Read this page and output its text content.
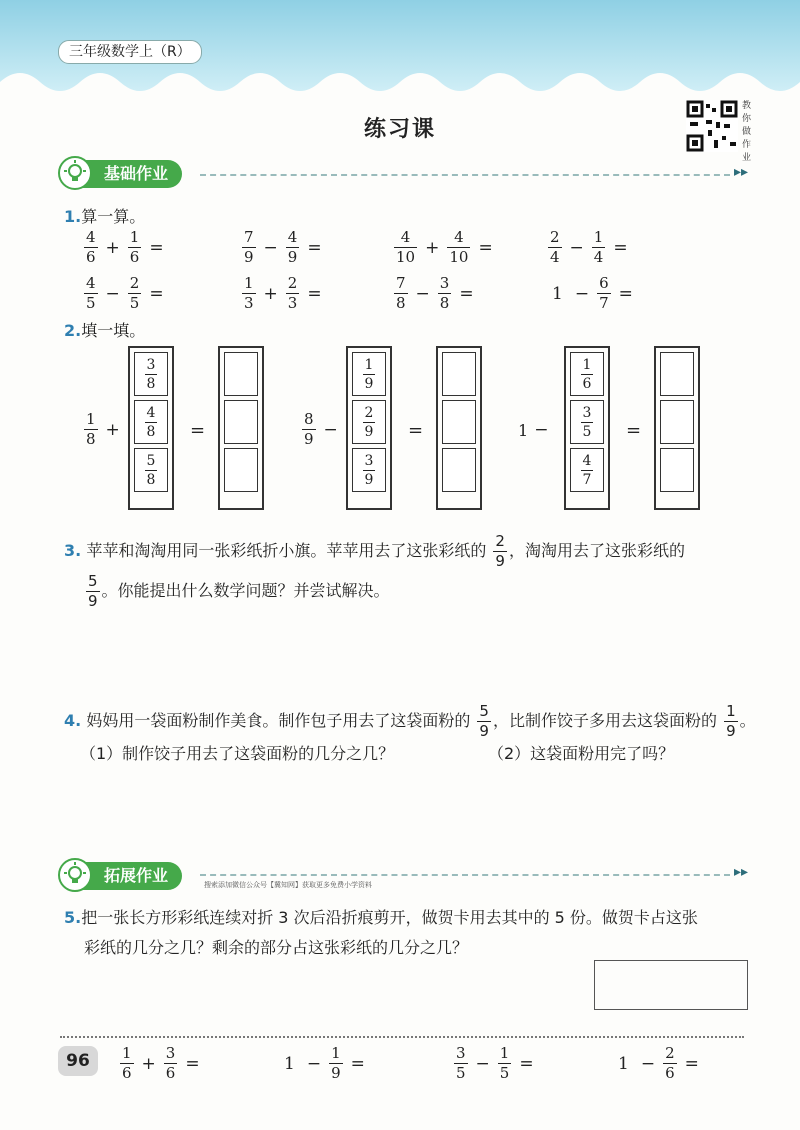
三年级数学上（R）
练习课
教你做作业
基础作业	▸▸
1.算一算。
$\frac{4}{6} + \frac{1}{6}$ =	$\frac{7}{9} - \frac{4}{9}$ =	$\frac{4}{10} + \frac{4}{10}$ =	$\frac{2}{4} - \frac{1}{4}$ =
$\frac{4}{5} - \frac{2}{5}$ =	$\frac{1}{3} + \frac{2}{3}$ =	$\frac{7}{8} - \frac{3}{8}$ =	$1 - \frac{6}{7}$ =
2.填一填。
$\frac{1}{8}$ +
$\frac{3}{8}$
$\frac{4}{8}$
$\frac{5}{8}$
=	$\frac{8}{9}$ −
$\frac{1}{9}$
$\frac{2}{9}$
$\frac{3}{9}$
=	1 −
$\frac{1}{6}$
$\frac{3}{5}$
$\frac{4}{7}$
=
3. 苹苹和淘淘用同一张彩纸折小旗。苹苹用去了这张彩纸的 $\frac{2}{9}$ ，淘淘用去了这张彩纸的
$\frac{5}{9}$ 。你能提出什么数学问题？并尝试解决。
4. 妈妈用一袋面粉制作美食。制作包子用去了这袋面粉的 $\frac{5}{9}$ ，比制作饺子多用去这袋面粉的 $\frac{1}{9}$ 。
（1）制作饺子用去了这袋面粉的几分之几？	（2）这袋面粉用完了吗？
拓展作业	搜索添加微信公众号【冀知网】获取更多免费小学资料
▸▸
5.把一张长方形彩纸连续对折 3 次后沿折痕剪开，做贺卡用去其中的 5 份。做贺卡占这张
彩纸的几分之几？剩余的部分占这张彩纸的几分之几？
96	$\frac{1}{6} + \frac{3}{6}$ =	$1 - \frac{1}{9}$ =	$\frac{3}{5} - \frac{1}{5}$ =	$1 - \frac{2}{6}$ =
